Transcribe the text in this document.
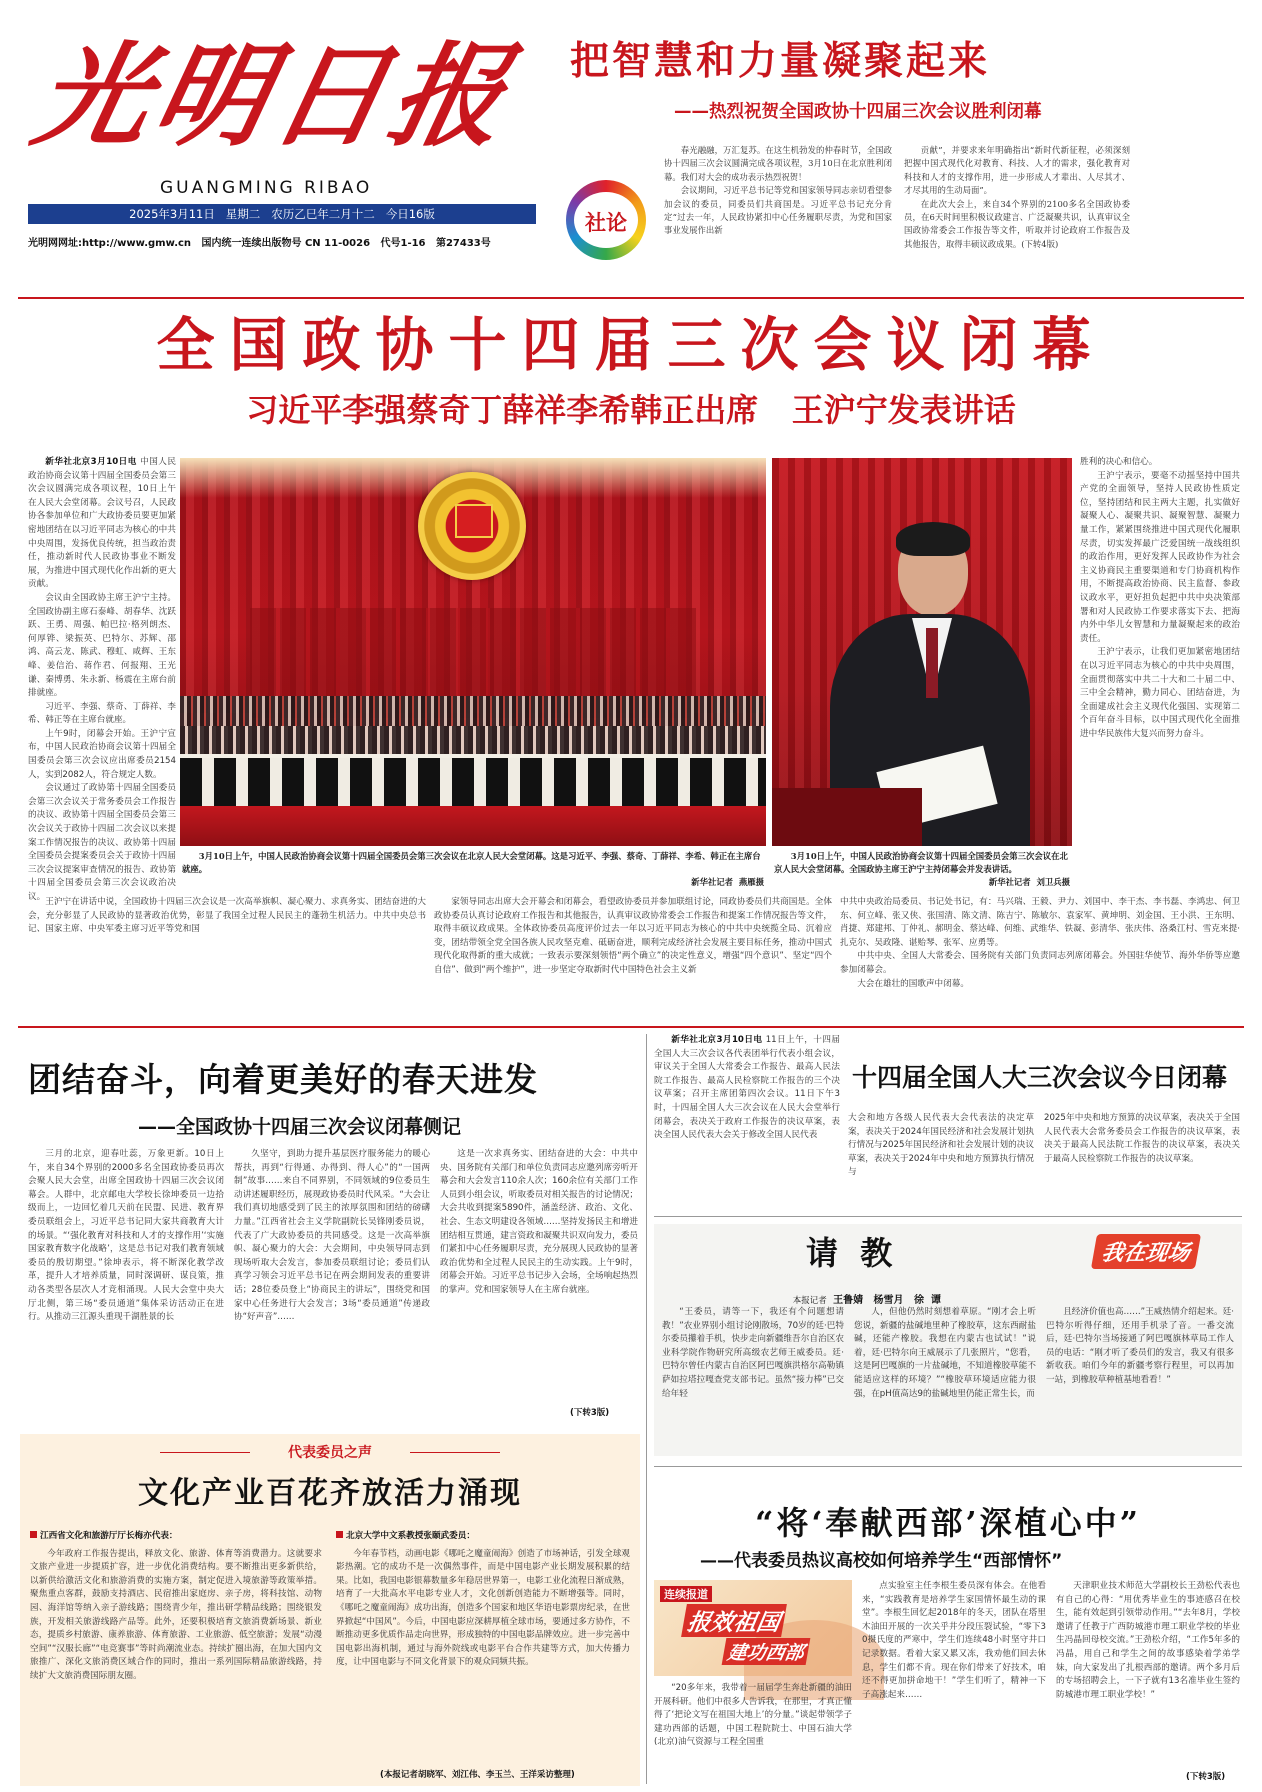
光明日报
GUANGMING RIBAO
2025年3月11日   星期二   农历乙巳年二月十二   今日16版
光明网网址:http://www.gmw.cn   国内统一连续出版物号 CN 11-0026   代号1-16   第27433号
把智慧和力量凝聚起来
——热烈祝贺全国政协十四届三次会议胜利闭幕
社论

春光融融，万汇复苏。在这生机勃发的仲春时节，全国政协十四届三次会议圆满完成各项议程，3月10日在北京胜利闭幕。我们对大会的成功表示热烈祝贺！

会议期间，习近平总书记等党和国家领导同志亲切看望参加会议的委员，同委员们共商国是。习近平总书记充分肯定“过去一年，人民政协紧扣中心任务履职尽责，为党和国家事业发展作出新

贡献”，并要求来年明确指出“新时代新征程，必须深刻把握中国式现代化对教育、科技、人才的需求，强化教育对科技和人才的支撑作用，进一步形成人才辈出、人尽其才、才尽其用的生动局面”。

在此次大会上，来自34个界别的2100多名全国政协委员，在6天时间里积极议政建言、广泛凝聚共识，认真审议全国政协常委会工作报告等文件，听取并讨论政府工作报告及其他报告，取得丰硕议政成果。(下转4版)

全国政协十四届三次会议闭幕
习近平李强蔡奇丁薛祥李希韩正出席   王沪宁发表讲话

新华社北京3月10日电 中国人民政治协商会议第十四届全国委员会第三次会议圆满完成各项议程，10日上午在人民大会堂闭幕。会议号召，人民政协各参加单位和广大政协委员要更加紧密地团结在以习近平同志为核心的中共中央周围，发扬优良传统，担当政治责任，推动新时代人民政协事业不断发展，为推进中国式现代化作出新的更大贡献。

会议由全国政协主席王沪宁主持。全国政协副主席石泰峰、胡春华、沈跃跃、王勇、周强、帕巴拉·格列朗杰、何厚铧、梁振英、巴特尔、苏辉、邵鸿、高云龙、陈武、穆虹、咸辉、王东峰、姜信治、蒋作君、何报翔、王光谦、秦博勇、朱永新、杨震在主席台前排就座。

习近平、李强、蔡奇、丁薛祥、李希、韩正等在主席台就座。

上午9时，闭幕会开始。王沪宁宣布，中国人民政治协商会议第十四届全国委员会第三次会议应出席委员2154人，实到2082人，符合规定人数。

会议通过了政协第十四届全国委员会第三次会议关于常务委员会工作报告的决议、政协第十四届全国委员会第三次会议关于政协十四届二次会议以来提案工作情况报告的决议、政协第十四届全国委员会提案委员会关于政协十四届三次会议提案审查情况的报告、政协第十四届全国委员会第三次会议政治决议。

3月10日上午，中国人民政治协商会议第十四届全国委员会第三次会议在北京人民大会堂闭幕。这是习近平、李强、蔡奇、丁薛祥、李希、韩正在主席台就座。
新华社记者  燕雁摄
3月10日上午，中国人民政治协商会议第十四届全国委员会第三次会议在北京人民大会堂闭幕。全国政协主席王沪宁主持闭幕会并发表讲话。
新华社记者  刘卫兵摄
胜利的决心和信心。

王沪宁表示，要毫不动摇坚持中国共产党的全面领导，坚持人民政协性质定位，坚持团结和民主两大主题，扎实做好凝聚人心、凝聚共识、凝聚智慧、凝聚力量工作，紧紧围绕推进中国式现代化履职尽责，切实发挥最广泛爱国统一战线组织的政治作用，更好发挥人民政协作为社会主义协商民主重要渠道和专门协商机构作用，不断提高政治协商、民主监督、参政议政水平，更好担负起把中共中央决策部署和对人民政协工作要求落实下去、把海内外中华儿女智慧和力量凝聚起来的政治责任。

王沪宁表示，让我们更加紧密地团结在以习近平同志为核心的中共中央周围，全面贯彻落实中共二十大和二十届二中、三中全会精神，勤力同心、团结奋进，为全面建成社会主义现代化强国、实现第二个百年奋斗目标，以中国式现代化全面推进中华民族伟大复兴而努力奋斗。

王沪宁在讲话中说，全国政协十四届三次会议是一次高举旗帜、凝心聚力、求真务实、团结奋进的大会，充分彰显了人民政协的显著政治优势，彰显了我国全过程人民民主的蓬勃生机活力。中共中央总书记、国家主席、中央军委主席习近平等党和国

家领导同志出席大会开幕会和闭幕会，看望政协委员并参加联组讨论，同政协委员们共商国是。全体政协委员认真讨论政府工作报告和其他报告，认真审议政协常委会工作报告和提案工作情况报告等文件，取得丰硕议政成果。全体政协委员高度评价过去一年以习近平同志为核心的中共中央统揽全局、沉着应变，团结带领全党全国各族人民攻坚克难、砥砺奋进，顺利完成经济社会发展主要目标任务，推动中国式现代化取得新的重大成就；一致表示要深刻领悟“两个确立”的决定性意义，增强“四个意识”、坚定“四个自信”、做到“两个维护”，进一步坚定夺取新时代中国特色社会主义新

中共中央政治局委员、书记处书记，有：马兴瑞、王毅、尹力、刘国中、李干杰、李书磊、李鸿忠、何卫东、何立峰、张又侠、张国清、陈文清、陈吉宁、陈敏尔、袁家军、黄坤明、刘金国、王小洪、王东明、肖捷、郑建邦、丁仲礼、郝明金、蔡达峰、何维、武维华、铁凝、彭清华、张庆伟、洛桑江村、雪克来提·扎克尔、吴政隆、谌贻琴、张军、应勇等。

中共中央、全国人大常委会、国务院有关部门负责同志列席闭幕会。外国驻华使节、海外华侨等应邀参加闭幕会。

大会在雄壮的国歌声中闭幕。

团结奋斗，向着更美好的春天进发
——全国政协十四届三次会议闭幕侧记

三月的北京，迎春吐蕊，万象更新。10日上午，来自34个界别的2000多名全国政协委员再次会聚人民大会堂，出席全国政协十四届三次会议闭幕会。人群中，北京邮电大学校长徐坤委员一边拾级而上，一边回忆着几天前在民盟、民进、教育界委员联组会上，习近平总书记同大家共商教育大计的场景。“‘强化教育对科技和人才的支撑作用’‘实施国家教育数字化战略’，这是总书记对我们教育领域委员的殷切期望。”徐坤表示，将不断深化教学改革，提升人才培养质量，同时深调研、谋良策，推动各类型各层次人才竞相涌现。人民大会堂中央大厅北侧，第三场“委员通道”集体采访活动正在进行。从推动三江源头重现千湖胜景的长

久坚守，到助力提升基层医疗服务能力的暖心帮扶，再到“行得通、办得到、得人心”的“一国两制”故事……来自不同界别，不同领域的9位委员生动讲述履职经历，展现政协委员时代风采。“大会让我们真切地感受到了民主的浓厚氛围和团结的磅礴力量。”江西省社会主义学院副院长吴锋刚委员说，代表了广大政协委员的共同感受。这是一次高举旗帜、凝心聚力的大会：大会期间，中央领导同志到现场听取大会发言，参加委员联组讨论；委员们认真学习领会习近平总书记在两会期间发表的重要讲话；28位委员登上“协商民主的讲坛”，围绕党和国家中心任务进行大会发言；3场“委员通道”传递政协“好声音”……

这是一次求真务实、团结奋进的大会：中共中央、国务院有关部门和单位负责同志应邀列席旁听开幕会和大会发言110余人次；160余位有关部门工作人员到小组会议，听取委员对相关报告的讨论情况；大会共收到提案5890件，涵盖经济、政治、文化、社会、生态文明建设各领域……坚持发扬民主和增进团结相互贯通，建言资政和凝聚共识双向发力，委员们紧扣中心任务履职尽责，充分展现人民政协的显著政治优势和全过程人民民主的生动实践。上午9时，闭幕会开始。习近平总书记步入会场，全场响起热烈的掌声。党和国家领导人在主席台就座。

(下转3版)

新华社北京3月10日电 11日上午，十四届全国人大三次会议各代表团举行代表小组会议，审议关于全国人大常委会工作报告、最高人民法院工作报告、最高人民检察院工作报告的三个决议草案；召开主席团第四次会议。11日下午3时，十四届全国人大三次会议在人民大会堂举行闭幕会，表决关于政府工作报告的决议草案，表决全国人民代表大会关于修改全国人民代表

十四届全国人大三次会议今日闭幕
大会和地方各级人民代表大会代表法的决定草案，表决关于2024年国民经济和社会发展计划执行情况与2025年国民经济和社会发展计划的决议草案，表决关于2024年中央和地方预算执行情况与
2025年中央和地方预算的决议草案，表决关于全国人民代表大会常务委员会工作报告的决议草案，表决关于最高人民法院工作报告的决议草案，表决关于最高人民检察院工作报告的决议草案。
请  教	我在现场

本报记者 王鲁婧   杨雪月   徐  谭

“王委员，请等一下，我还有个问题想请教！”农业界别小组讨论刚散场，70岁的廷·巴特尔委员攥着手机，快步走向新疆维吾尔自治区农业科学院作物研究所高级农艺师王威委员。廷·巴特尔曾任内蒙古自治区阿巴嘎旗洪格尔高勒镇萨如拉塔拉嘎查党支部书记。虽然“接力棒”已交给年轻

人，但他仍然时刻想着草原。“刚才会上听您说，新疆的盐碱地里种了橡胶草，这东西耐盐碱，还能产橡胶。我想在内蒙古也试试！”说着，廷·巴特尔向王威展示了几张照片，“您看，这是阿巴嘎旗的一片盐碱地，不知道橡胶草能不能适应这样的环境？”“橡胶草环境适应能力很强，在pH值高达9的盐碱地里仍能正常生长，而

且经济价值也高……”王威热情介绍起来。廷·巴特尔听得仔细，还用手机录了音。一番交流后，廷·巴特尔当场接通了阿巴嘎旗林草局工作人员的电话：“刚才听了委员们的发言，我又有很多新收获。咱们今年的新疆考察行程里，可以再加一站，到橡胶草种植基地看看！”

代表委员之声
文化产业百花齐放活力涌现
江西省文化和旅游厅厅长梅亦代表：

今年政府工作报告提出，释放文化、旅游、体育等消费潜力。这就要求文旅产业进一步提质扩容，进一步优化消费结构。要不断推出更多新供给，以新供给激活文化和旅游消费的实施方案，制定促进入境旅游等政策举措。聚焦重点客群，鼓励支持酒店、民宿推出家庭房、亲子房，将科技馆、动物园、海洋馆等纳入亲子游线路；围绕青少年，推出研学精品线路；围绕银发族，开发相关旅游线路产品等。此外，还要积极培育文旅消费新场景、新业态，提质乡村旅游、康养旅游、体育旅游、工业旅游、低空旅游；发展“动漫空间”“汉服长廊”“电竞赛事”等时尚潮流业态。持续扩圈出海，在加大国内文旅推广、深化文旅消费区域合作的同时，推出一系列国际精品旅游线路，持续扩大文旅消费国际朋友圈。

北京大学中文系教授张颐武委员：

今年春节档，动画电影《哪吒之魔童闹海》创造了市场神话，引发全球观影热潮。它的成功不是一次偶然事件，而是中国电影产业长期发展积累的结果。比如，我国电影银幕数量多年稳居世界第一，电影工业化流程日渐成熟，培育了一大批高水平电影专业人才，文化创新创造能力不断增强等。同时，《哪吒之魔童闹海》成功出海，创造多个国家和地区华语电影票房纪录，在世界掀起“中国风”。今后，中国电影应深耕厚植全球市场，要通过多方协作，不断推动更多优质作品走向世界，形成独特的中国电影品牌效应。进一步完善中国电影出海机制，通过与海外院线或电影平台合作共建等方式，加大传播力度，让中国电影与不同文化背景下的观众同频共振。

(本报记者胡晓军、刘江伟、李玉兰、王洋采访整理)
“将‘奉献西部’深植心中”
——代表委员热议高校如何培养学生“西部情怀”
连续报道
报效祖国
建功西部

“20多年来，我带着一届届学生奔赴新疆的油田开展科研。他们中很多人告诉我，在那里，才真正懂得了‘把论文写在祖国大地上’的分量。”谈起带领学子建功西部的话题，中国工程院院士、中国石油大学(北京)油气资源与工程全国重

点实验室主任李根生委员深有体会。在他看来，“实践教育是培养学生家国情怀最生动的课堂”。李根生回忆起2018年的冬天，团队在塔里木油田开展的一次关乎井分段压裂试验，“零下30摄氏度的严寒中，学生们连续48小时坚守井口记录数据。看着大家又累又冻，我劝他们回去休息，学生们都不肯。现在你们带来了好技术，咱还不得更加拼命地干！”学生们听了，精神一下子高涨起来……

天津职业技术师范大学副校长王劲松代表也有自己的心得：“用优秀毕业生的事迹感召在校生，能有效起到引领带动作用。”“去年8月，学校邀请了任教于广西防城港市理工职业学校的毕业生冯晶回母校交流。”王劲松介绍，“工作5年多的冯晶，用自己和学生之间的故事感染着学弟学妹，向大家发出了扎根西部的邀请。两个多月后的专场招聘会上，一下子就有13名准毕业生签约防城港市理工职业学校！”

(下转3版)
